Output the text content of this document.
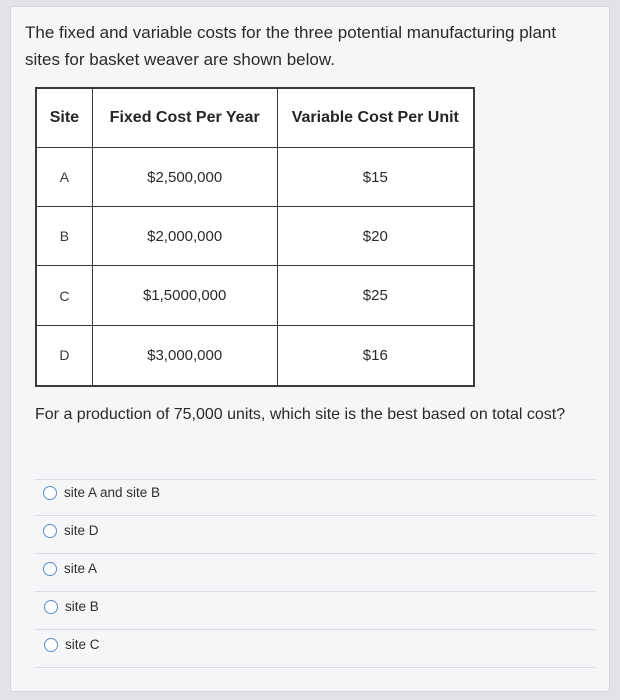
The fixed and variable costs for the three potential manufacturing plant sites for basket weaver are shown below.
Site	Fixed Cost Per Year	Variable Cost Per Unit
A	$2,500,000	$15
B	$2,000,000	$20
C	$1,5000,000	$25
D	$3,000,000	$16
For a production of 75,000 units, which site is the best based on total cost?
site A and site B
site D
site A
site B
site C
